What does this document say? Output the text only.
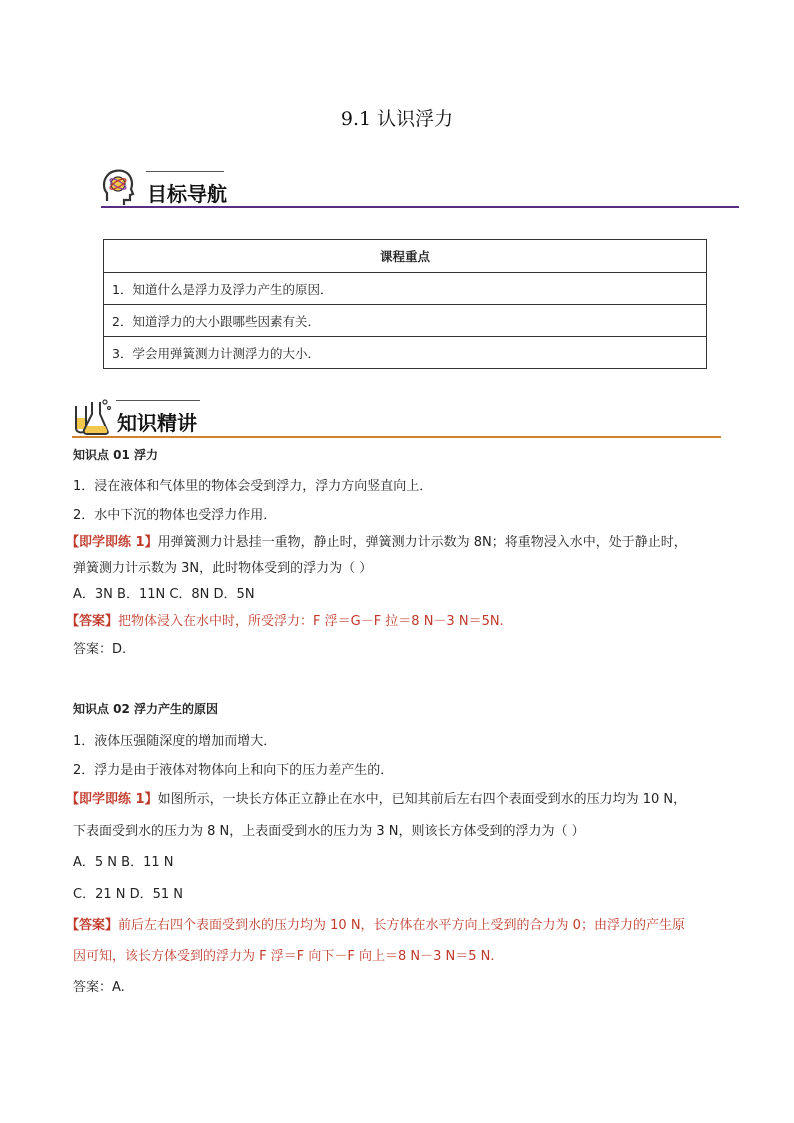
9.1 认识浮力
目标导航
课程重点
1．知道什么是浮力及浮力产生的原因．
2．知道浮力的大小跟哪些因素有关．
3．学会用弹簧测力计测浮力的大小．
知识精讲
知识点 01 浮力
1．浸在液体和气体里的物体会受到浮力，浮力方向竖直向上．
2．水中下沉的物体也受浮力作用．
【即学即练 1】用弹簧测力计悬挂一重物，静止时，弹簧测力计示数为 8N；将重物浸入水中，处于静止时，
弹簧测力计示数为 3N，此时物体受到的浮力为（ ）
A．3N B．11N C．8N D．5N
【答案】把物体浸入在水中时，所受浮力：F 浮＝G－F 拉＝8 N－3 N＝5N.
答案：D.
知识点 02 浮力产生的原因
1．液体压强随深度的增加而增大．
2．浮力是由于液体对物体向上和向下的压力差产生的．
【即学即练 1】如图所示，一块长方体正立静止在水中，已知其前后左右四个表面受到水的压力均为 10 N，
下表面受到水的压力为 8 N，上表面受到水的压力为 3 N，则该长方体受到的浮力为（ ）
A．5 N B．11 N
C．21 N D．51 N
【答案】前后左右四个表面受到水的压力均为 10 N，长方体在水平方向上受到的合力为 0；由浮力的产生原
因可知，该长方体受到的浮力为 F 浮＝F 向下－F 向上＝8 N－3 N＝5 N.
答案：A.
